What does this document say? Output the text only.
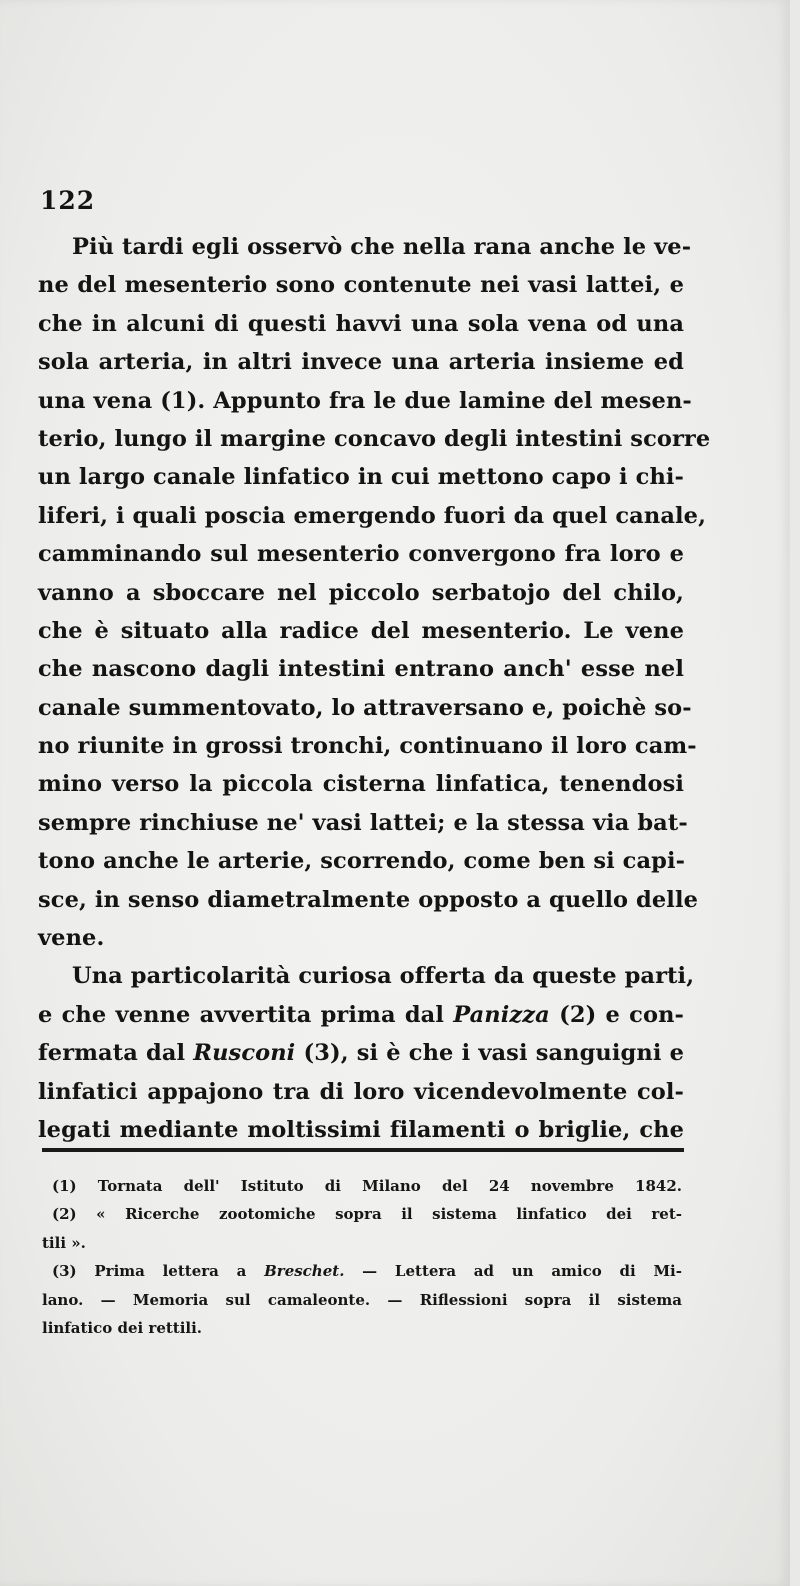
122
Più tardi egli osservò che nella rana anche le ve-
ne del mesenterio sono contenute nei vasi lattei, e
che in alcuni di questi havvi una sola vena od una
sola arteria, in altri invece una arteria insieme ed
una vena (1). Appunto fra le due lamine del mesen-
terio, lungo il margine concavo degli intestini scorre
un largo canale linfatico in cui mettono capo i chi-
liferi, i quali poscia emergendo fuori da quel canale,
camminando sul mesenterio convergono fra loro e
vanno a sboccare nel piccolo serbatojo del chilo,
che è situato alla radice del mesenterio. Le vene
che nascono dagli intestini entrano anch' esse nel
canale summentovato, lo attraversano e, poichè so-
no riunite in grossi tronchi, continuano il loro cam-
mino verso la piccola cisterna linfatica, tenendosi
sempre rinchiuse ne' vasi lattei; e la stessa via bat-
tono anche le arterie, scorrendo, come ben si capi-
sce, in senso diametralmente opposto a quello delle
vene.
Una particolarità curiosa offerta da queste parti,
e che venne avvertita prima dal Panizza (2) e con-
fermata dal Rusconi (3), si è che i vasi sanguigni e
linfatici appajono tra di loro vicendevolmente col-
legati mediante moltissimi filamenti o briglie, che
(1) Tornata dell' Istituto di Milano del 24 novembre 1842.
(2) « Ricerche zootomiche sopra il sistema linfatico dei ret-
tili ».
(3) Prima lettera a Breschet. — Lettera ad un amico di Mi-
lano. — Memoria sul camaleonte. — Riflessioni sopra il sistema
linfatico dei rettili.
